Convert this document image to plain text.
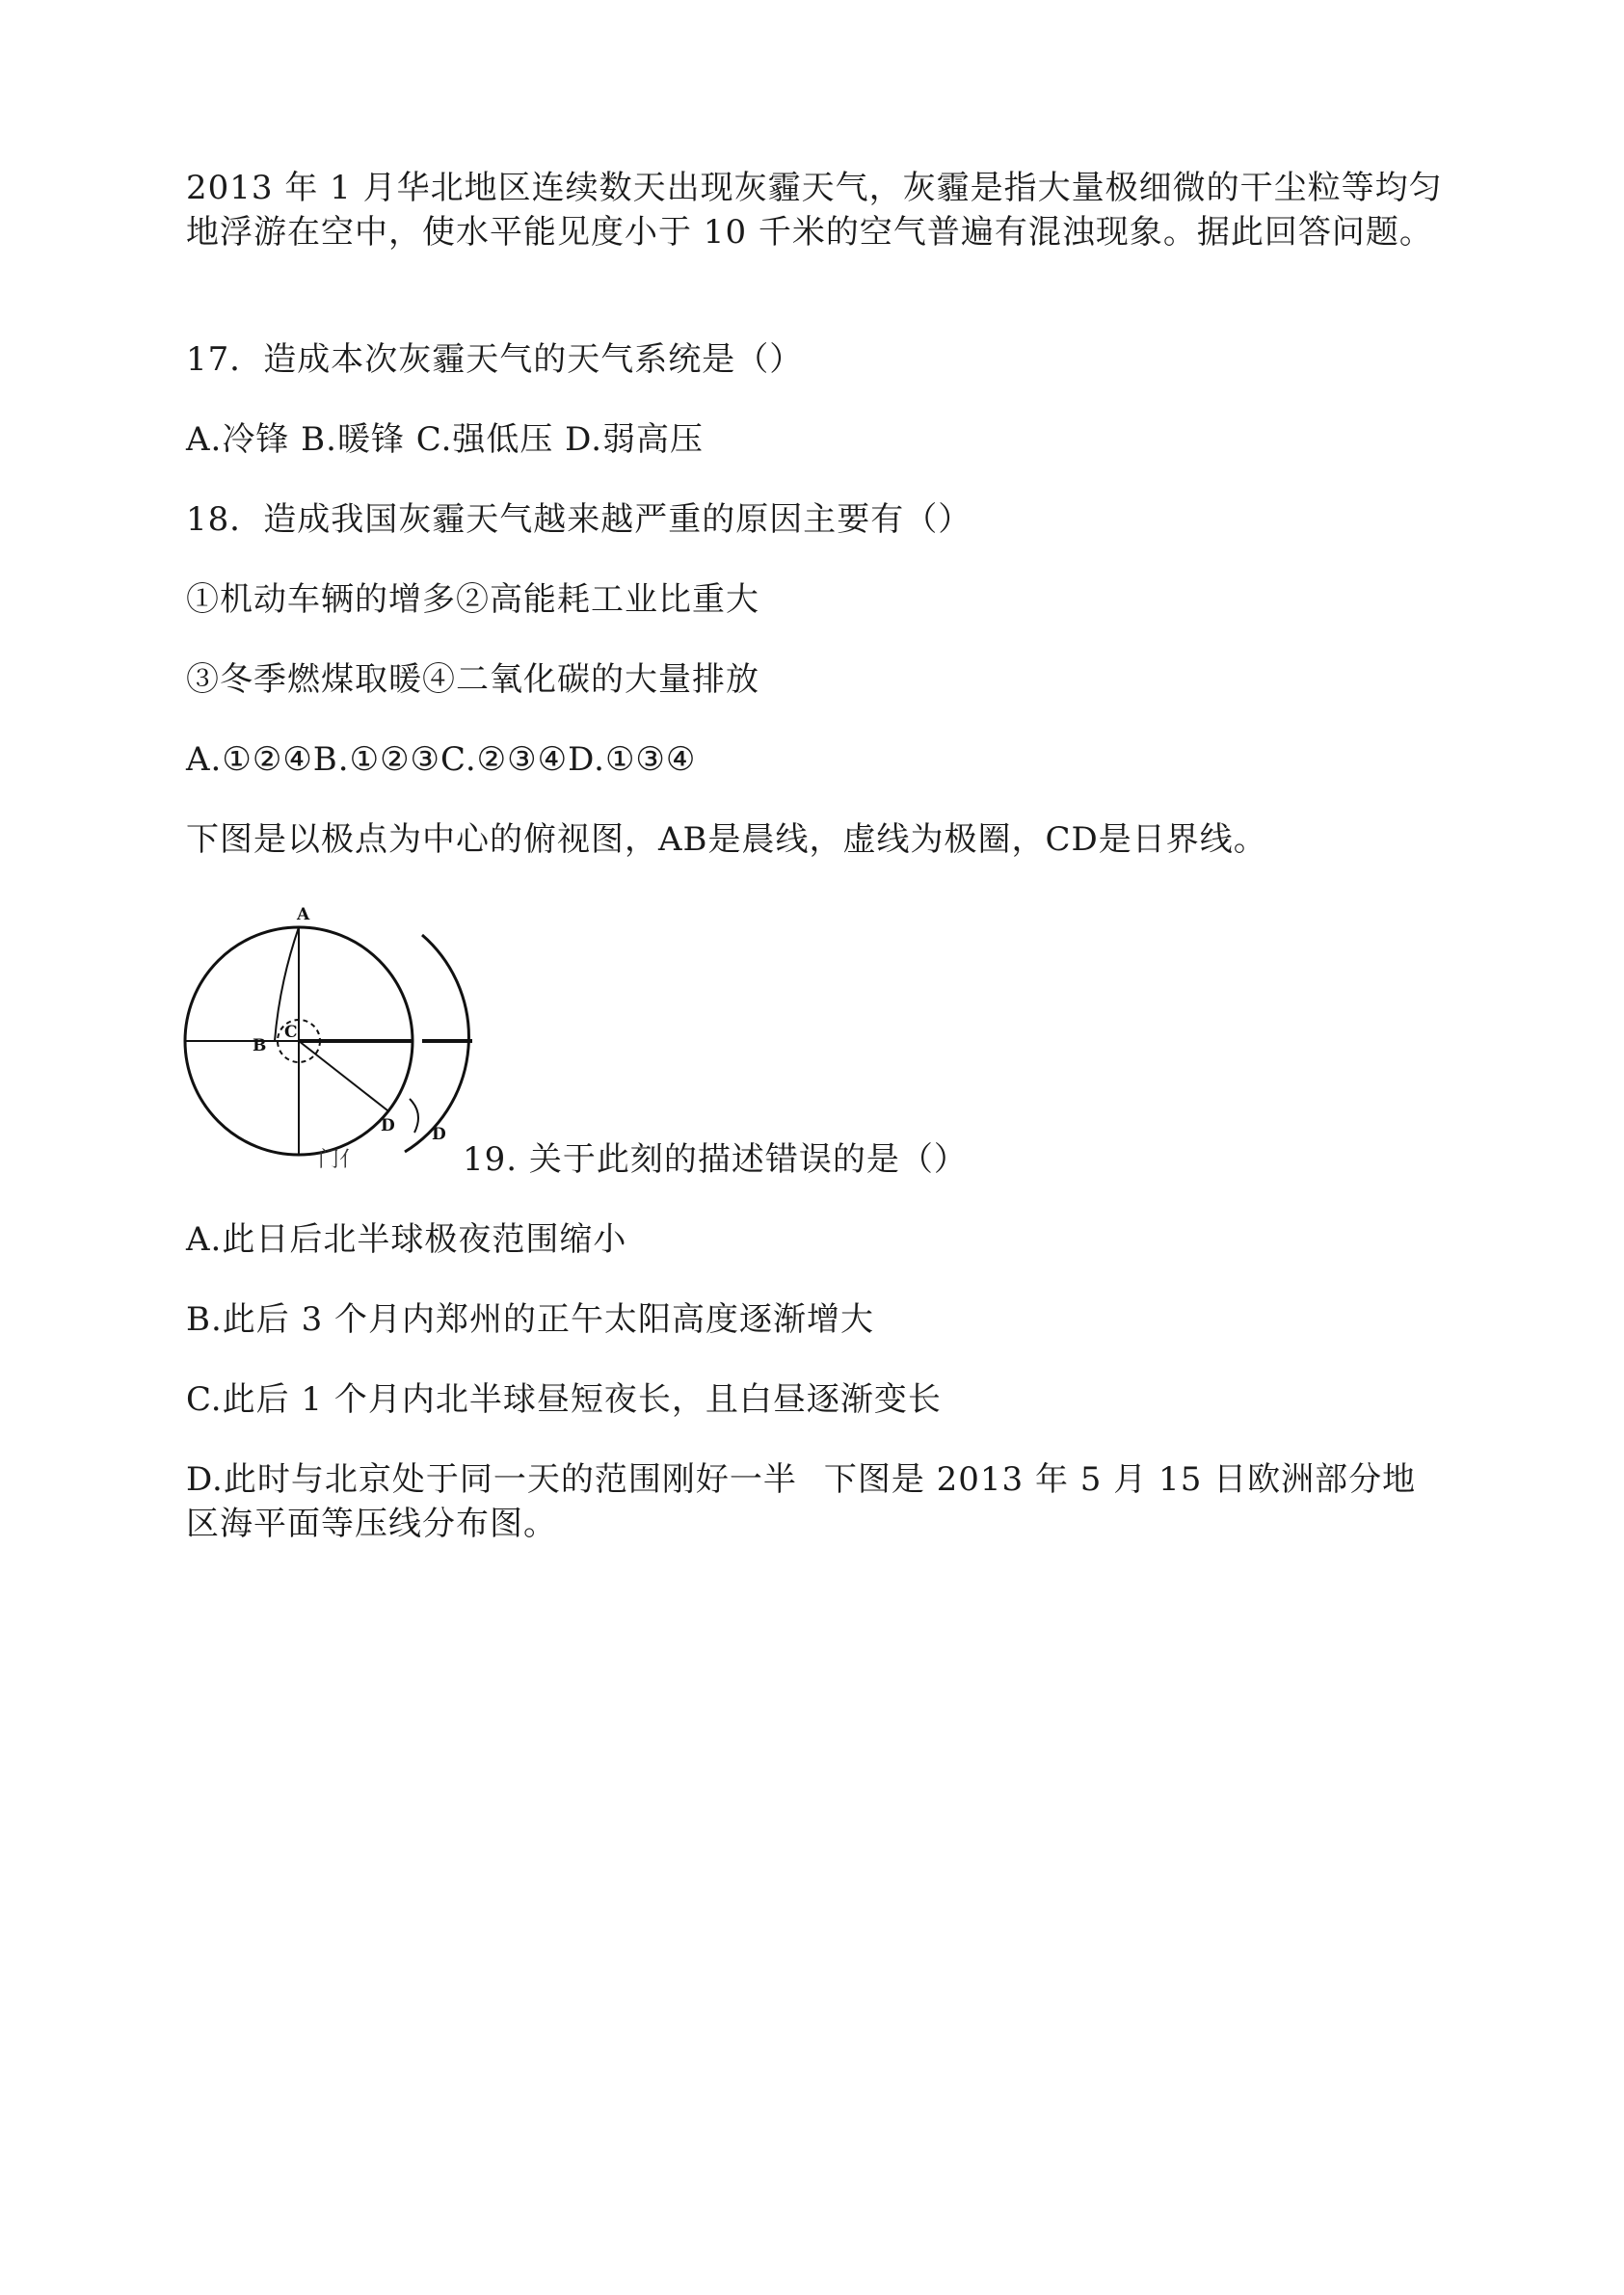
2013 年 1 月华北地区连续数天出现灰霾天气，灰霾是指大量极细微的干尘粒等均匀地浮游在空中，使水平能见度小于 10 千米的空气普遍有混浊现象。据此回答问题。
17．造成本次灰霾天气的天气系统是（）
A.冷锋 B.暖锋 C.强低压 D.弱高压
18．造成我国灰霾天气越来越严重的原因主要有（）
①机动车辆的增多②高能耗工业比重大
③冬季燃煤取暖④二氧化碳的大量排放
A.①②④B.①②③C.②③④D.①③④
下图是以极点为中心的俯视图，AB是晨线，虚线为极圈，CD是日界线。
A
B
C
D D
门亻	19. 关于此刻的描述错误的是（）
A.此日后北半球极夜范围缩小
B.此后 3 个月内郑州的正午太阳高度逐渐增大
C.此后 1 个月内北半球昼短夜长，且白昼逐渐变长
D.此时与北京处于同一天的范围刚好一半 下图是 2013 年 5 月 15 日欧洲部分地区海平面等压线分布图。
